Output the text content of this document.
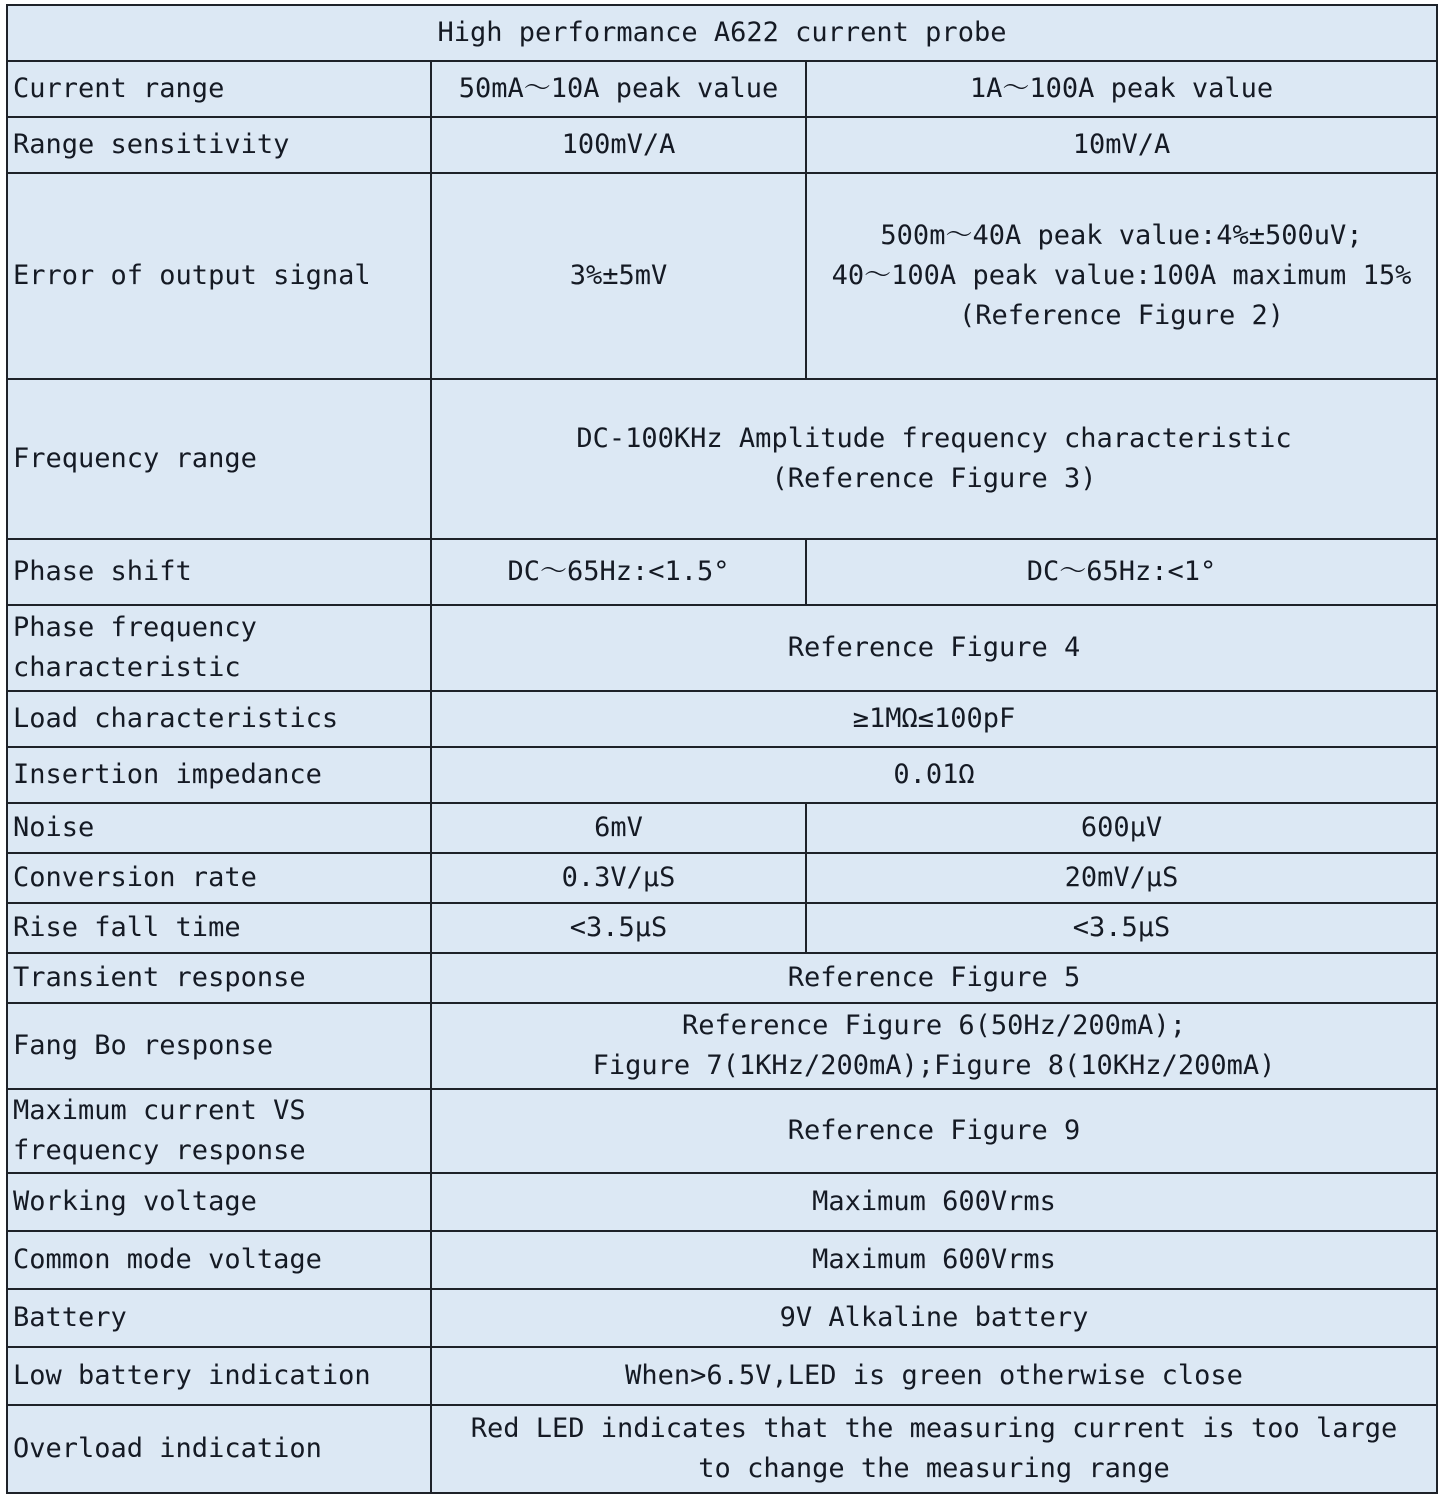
High performance A622 current probe		
Current range	50mA～10A peak value	1A～100A peak value
Range sensitivity	100mV/A	10mV/A
Error of output signal	3%±5mV	500m～40A peak value:4%±500uV;
40～100A peak value:100A maximum 15%
(Reference Figure 2)

Frequency range	DC-100KHz Amplitude frequency characteristic
(Reference Figure 3)	

Phase shift	DC～65Hz:<1.5°	DC～65Hz:<1°

Phase frequency
characteristic	Reference Figure 4	
Load characteristics	≥1MΩ≤100pF	
Insertion impedance	0.01Ω	
Noise	6mV	600μV
Conversion rate	0.3V/μS	20mV/μS
Rise fall time	<3.5μS	<3.5μS
Transient response	Reference Figure 5	
Fang Bo response	Reference Figure 6(50Hz/200mA);
Figure 7(1KHz/200mA);Figure 8(10KHz/200mA)	

Maximum current VS
frequency response	Reference Figure 9	
Working voltage	Maximum 600Vrms	
Common mode voltage	Maximum 600Vrms	
Battery	9V Alkaline battery	
Low battery indication	When>6.5V,LED is green otherwise close	
Overload indication	Red LED indicates that the measuring current is too large
to change the measuring range	
